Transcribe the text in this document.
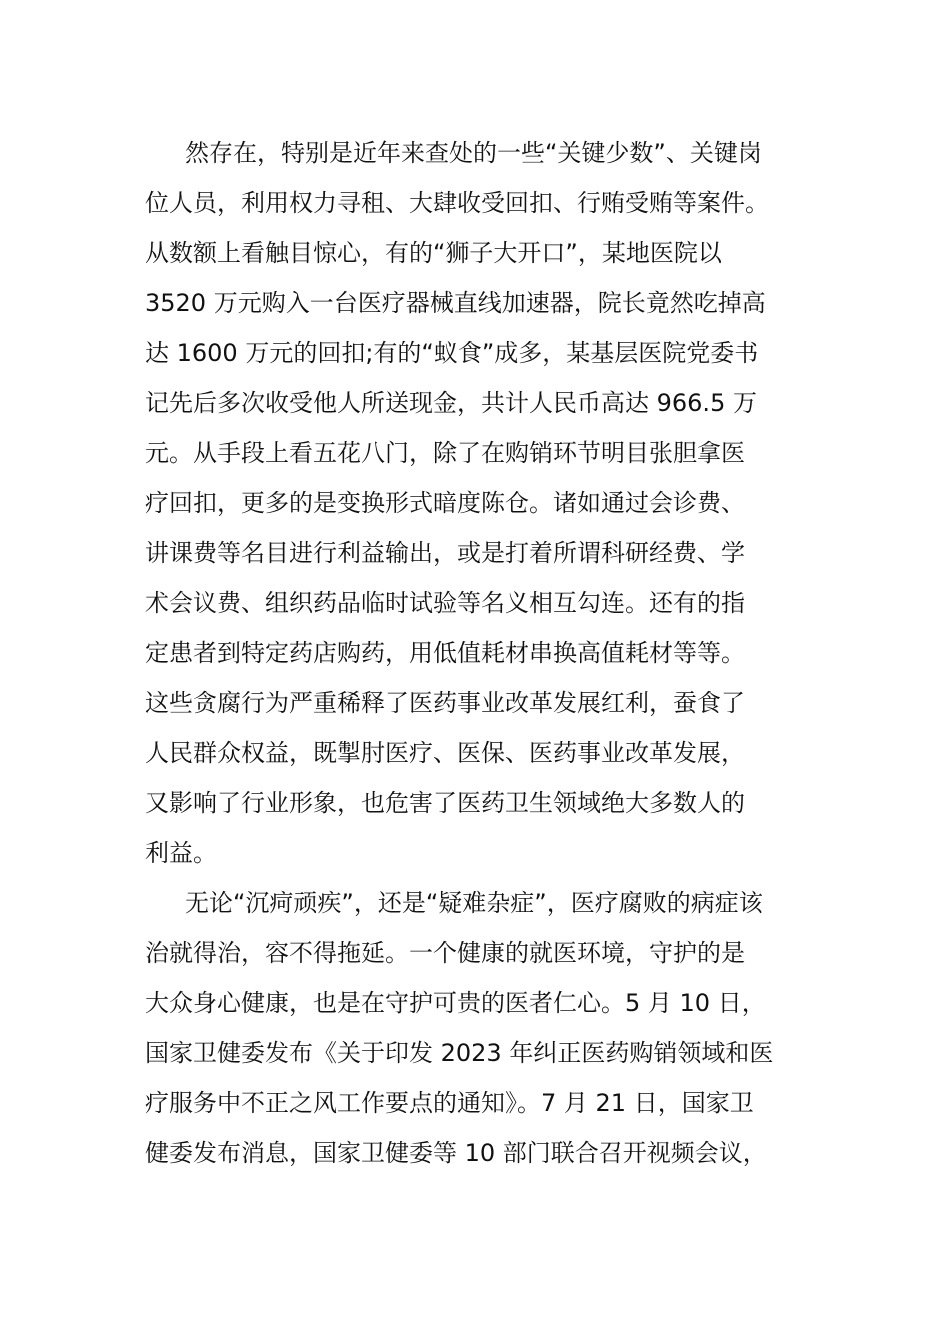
然存在，特别是近年来查处的一些“关键少数”、关键岗
位人员，利用权力寻租、大肆收受回扣、行贿受贿等案件。
从数额上看触目惊心，有的“狮子大开口”，某地医院以
3520 万元购入一台医疗器械直线加速器，院长竟然吃掉高
达 1600 万元的回扣;有的“蚁食”成多，某基层医院党委书
记先后多次收受他人所送现金，共计人民币高达 966.5 万
元。从手段上看五花八门，除了在购销环节明目张胆拿医
疗回扣，更多的是变换形式暗度陈仓。诸如通过会诊费、
讲课费等名目进行利益输出，或是打着所谓科研经费、学
术会议费、组织药品临时试验等名义相互勾连。还有的指
定患者到特定药店购药，用低值耗材串换高值耗材等等。
这些贪腐行为严重稀释了医药事业改革发展红利，蚕食了
人民群众权益，既掣肘医疗、医保、医药事业改革发展，
又影响了行业形象，也危害了医药卫生领域绝大多数人的
利益。
无论“沉疴顽疾”，还是“疑难杂症”，医疗腐败的病症该
治就得治，容不得拖延。一个健康的就医环境，守护的是
大众身心健康，也是在守护可贵的医者仁心。5 月 10 日，
国家卫健委发布《关于印发 2023 年纠正医药购销领域和医
疗服务中不正之风工作要点的通知》。7 月 21 日，国家卫
健委发布消息，国家卫健委等 10 部门联合召开视频会议，
